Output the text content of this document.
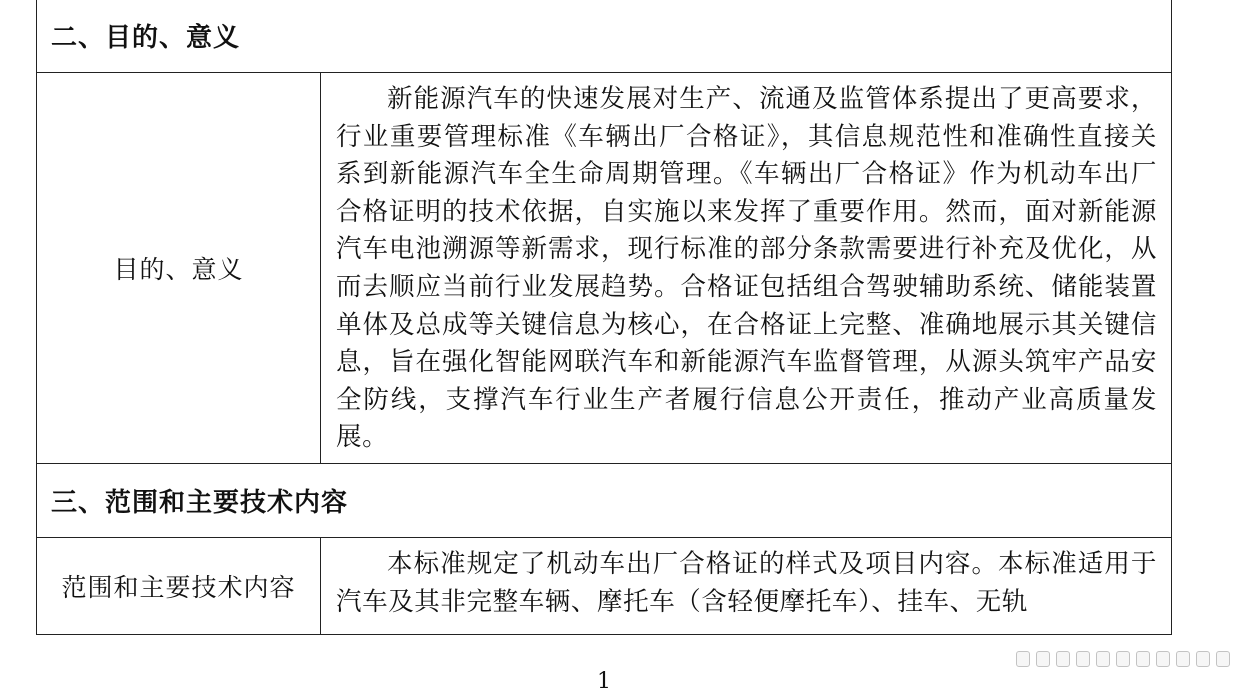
二、目的、意义	
目的、意义	新能源汽车的快速发展对生产、流通及监管体系提出了更高要求，行业重要管理标准《车辆出厂合格证》，其信息规范性和准确性直接关系到新能源汽车全生命周期管理。《车辆出厂合格证》作为机动车出厂合格证明的技术依据，自实施以来发挥了重要作用。然而，面对新能源汽车电池溯源等新需求，现行标准的部分条款需要进行补充及优化，从而去顺应当前行业发展趋势。合格证包括组合驾驶辅助系统、储能装置单体及总成等关键信息为核心，在合格证上完整、准确地展示其关键信息，旨在强化智能网联汽车和新能源汽车监督管理，从源头筑牢产品安全防线，支撑汽车行业生产者履行信息公开责任，推动产业高质量发展。

三、范围和主要技术内容	
范围和主要技术内容	本标准规定了机动车出厂合格证的样式及项目内容。本标准适用于汽车及其非完整车辆、摩托车（含轻便摩托车）、挂车、无轨

1
